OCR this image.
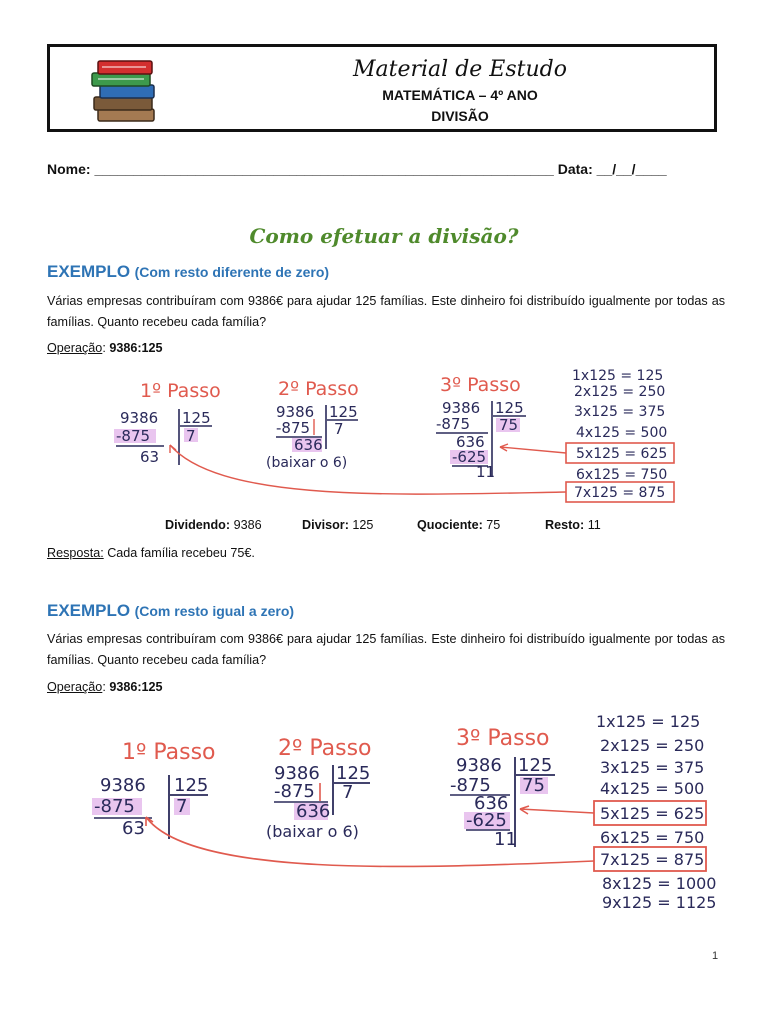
Material de Estudo
MATEMÁTICA – 4º ANO
DIVISÃO
Nome: ___________________________________________________________ Data: __/__/____
Como efetuar a divisão?
EXEMPLO (Com resto diferente de zero)
Várias empresas contribuíram com 9386€ para ajudar 125 famílias. Este dinheiro foi distribuído igualmente por todas as famílias. Quanto recebeu cada família?
Operação: 9386:125
1º Passo
9386 125
-875 7
63
2º Passo
9386 125
-875 7
636
(baixar o 6)
3º Passo
9386 125
-875 75
636
-625
11
1x125 = 125
2x125 = 250
3x125 = 375
4x125 = 500
5x125 = 625
6x125 = 750
7x125 = 875
Dividendo: 9386	Divisor: 125	Quociente: 75	Resto: 11
Resposta: Cada família recebeu 75€.
EXEMPLO (Com resto igual a zero)
Várias empresas contribuíram com 9386€ para ajudar 125 famílias. Este dinheiro foi distribuído igualmente por todas as famílias. Quanto recebeu cada família?
Operação: 9386:125
1º Passo
9386 125
-875 7
63
2º Passo
9386 125
-875 7
636
(baixar o 6)
3º Passo
9386 125
-875 75
636
-625
11
1x125 = 125
2x125 = 250
3x125 = 375
4x125 = 500
5x125 = 625
6x125 = 750
7x125 = 875
8x125 = 1000
9x125 = 1125
1
